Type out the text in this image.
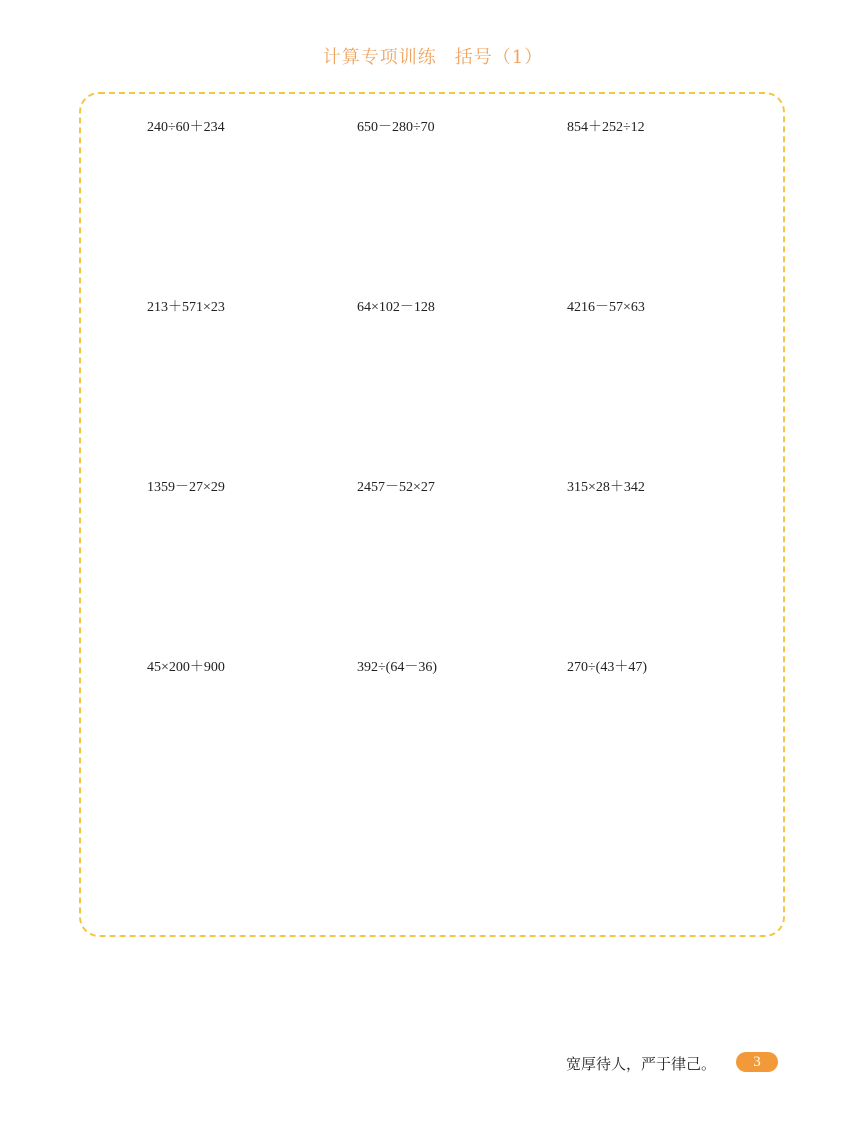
计算专项训练 括号（1）
240÷60＋234	650－280÷70	854＋252÷12
213＋571×23	64×102－128	4216－57×63
1359－27×29	2457－52×27	315×28＋342
45×200＋900	392÷(64－36)	270÷(43＋47)
宽厚待人，严于律己。	3
